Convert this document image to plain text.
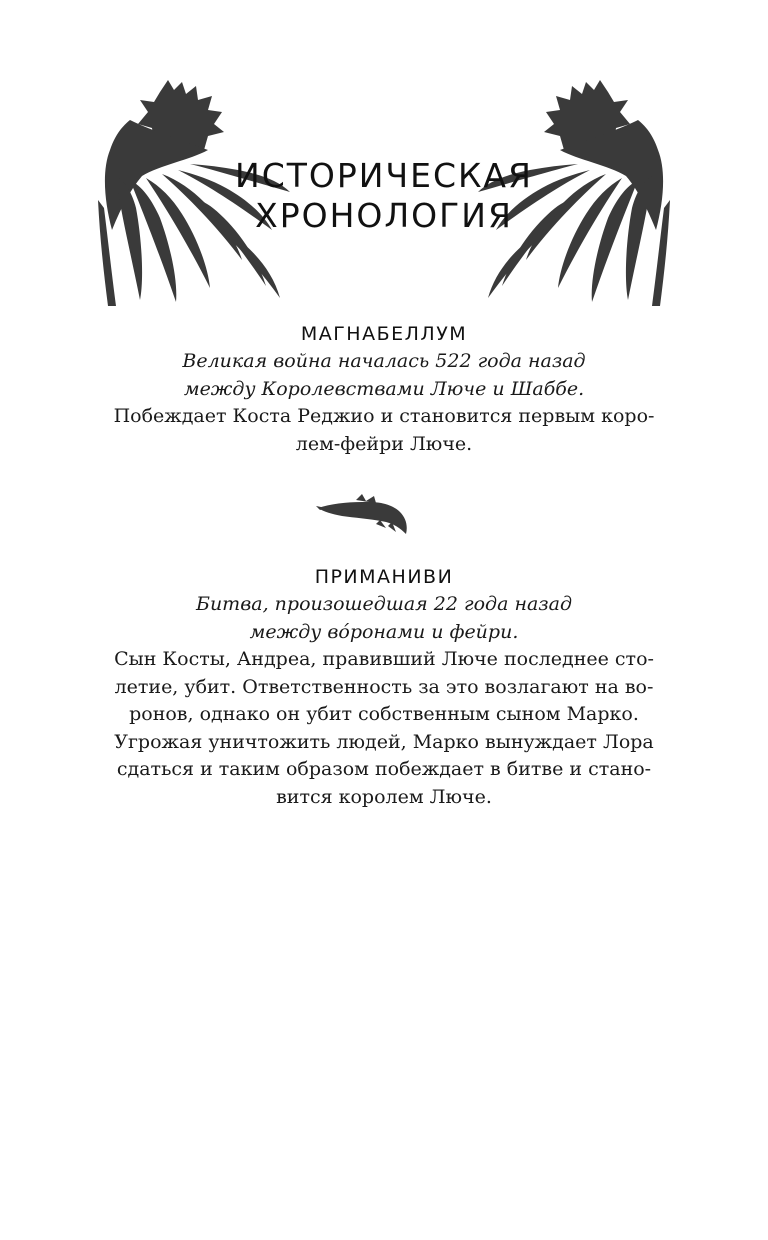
ИСТОРИЧЕСКАЯ
ХРОНОЛОГИЯ
МАГНАБЕЛЛУМ
Великая война началась 522 года назад
между Королевствами Люче и Шаббе.
Побеждает Коста Реджио и становится первым коро-
лем-фейри Люче.
ПРИМАНИВИ
Битва, произошедшая 22 года назад
между вóронами и фейри.
Сын Косты, Андреа, правивший Люче последнее сто-
летие, убит. Ответственность за это возлагают на во-
ронов, однако он убит собственным сыном Марко.
Угрожая уничтожить людей, Марко вынуждает Лора
сдаться и таким образом побеждает в битве и стано-
вится королем Люче.
